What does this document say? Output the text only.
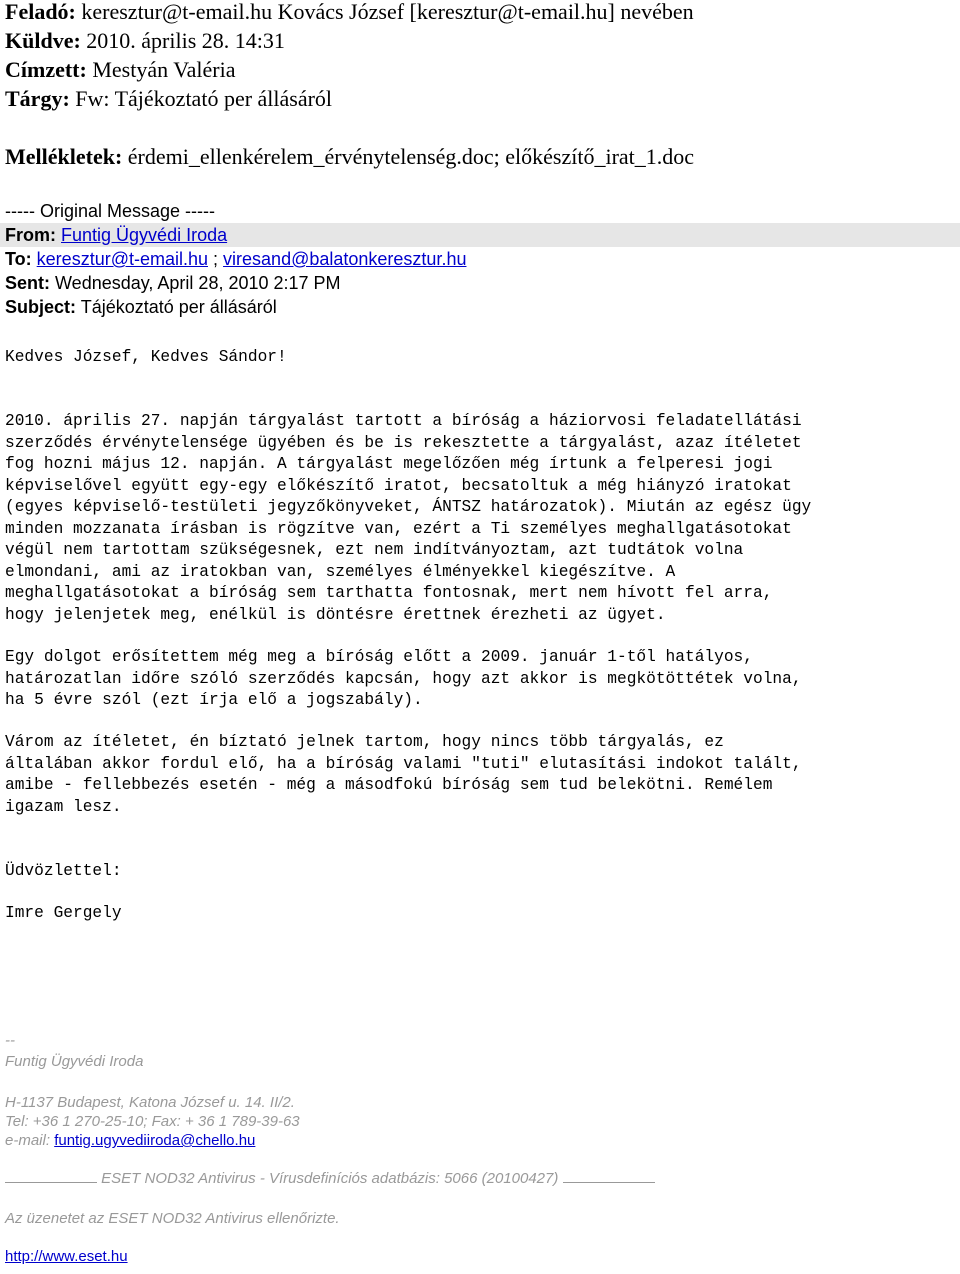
Feladó: keresztur@t-email.hu Kovács József [keresztur@t-email.hu] nevében
Küldve: 2010. április 28. 14:31
Címzett: Mestyán Valéria
Tárgy: Fw: Tájékoztató per állásáról
Mellékletek: érdemi_ellenkérelem_érvénytelenség.doc; előkészítő_irat_1.doc
----- Original Message -----
From: Funtig Ügyvédi Iroda
To: keresztur@t-email.hu ; viresand@balatonkeresztur.hu
Sent: Wednesday, April 28, 2010 2:17 PM
Subject: Tájékoztató per állásáról
Kedves József, Kedves Sándor!
2010. április 27. napján tárgyalást tartott a bíróság a háziorvosi feladatellátási
szerződés érvénytelensége ügyében és be is rekesztette a tárgyalást, azaz ítéletet
fog hozni május 12. napján. A tárgyalást megelőzően még írtunk a felperesi jogi
képviselővel együtt egy-egy előkészítő iratot, becsatoltuk a még hiányzó iratokat
(egyes képviselő-testületi jegyzőkönyveket, ÁNTSZ határozatok). Miután az egész ügy
minden mozzanata írásban is rögzítve van, ezért a Ti személyes meghallgatásotokat
végül nem tartottam szükségesnek, ezt nem indítványoztam, azt tudtátok volna
elmondani, ami az iratokban van, személyes élményekkel kiegészítve. A
meghallgatásotokat a bíróság sem tarthatta fontosnak, mert nem hívott fel arra,
hogy jelenjetek meg, enélkül is döntésre érettnek érezheti az ügyet.
Egy dolgot erősítettem még meg a bíróság előtt a 2009. január 1-től hatályos,
határozatlan időre szóló szerződés kapcsán, hogy azt akkor is megkötöttétek volna,
ha 5 évre szól (ezt írja elő a jogszabály).
Várom az ítéletet, én bíztató jelnek tartom, hogy nincs több tárgyalás, ez
általában akkor fordul elő, ha a bíróság valami "tuti" elutasítási indokot talált,
amibe - fellebbezés esetén - még a másodfokú bíróság sem tud belekötni. Remélem
igazam lesz.
Üdvözlettel:
Imre Gergely
--
Funtig Ügyvédi Iroda
H-1137 Budapest, Katona József u. 14. II/2.
Tel: +36 1 270-25-10; Fax: + 36 1 789-39-63
e-mail: funtig.ugyvediiroda@chello.hu
ESET NOD32 Antivirus - Vírusdefiníciós adatbázis: 5066 (20100427)
Az üzenetet az ESET NOD32 Antivirus ellenőrizte.
http://www.eset.hu
